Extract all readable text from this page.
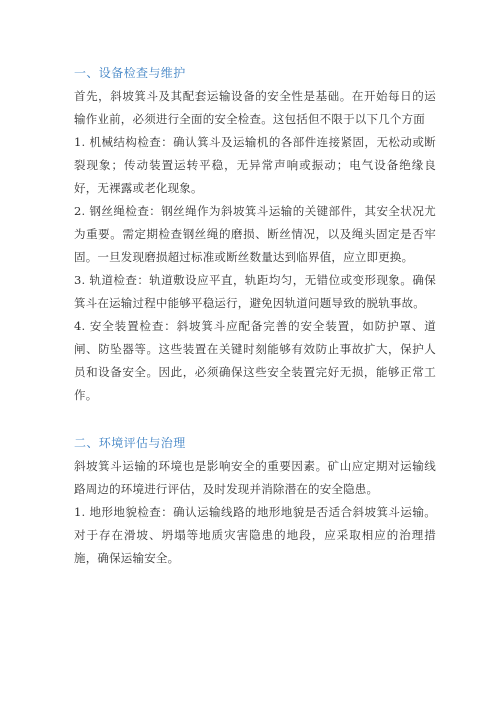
一、设备检查与维护

首先，斜坡箕斗及其配套运输设备的安全性是基础。在开始每日的运输作业前，必须进行全面的安全检查。这包括但不限于以下几个方面

1. 机械结构检查：确认箕斗及运输机的各部件连接紧固，无松动或断裂现象；传动装置运转平稳，无异常声响或振动；电气设备绝缘良好，无裸露或老化现象。

2. 钢丝绳检查：钢丝绳作为斜坡箕斗运输的关键部件，其安全状况尤为重要。需定期检查钢丝绳的磨损、断丝情况，以及绳头固定是否牢固。一旦发现磨损超过标准或断丝数量达到临界值，应立即更换。

3. 轨道检查：轨道敷设应平直，轨距均匀，无错位或变形现象。确保箕斗在运输过程中能够平稳运行，避免因轨道问题导致的脱轨事故。

4. 安全装置检查：斜坡箕斗应配备完善的安全装置，如防护罩、道闸、防坠器等。这些装置在关键时刻能够有效防止事故扩大，保护人员和设备安全。因此，必须确保这些安全装置完好无损，能够正常工作。

二、环境评估与治理

斜坡箕斗运输的环境也是影响安全的重要因素。矿山应定期对运输线路周边的环境进行评估，及时发现并消除潜在的安全隐患。

1. 地形地貌检查：确认运输线路的地形地貌是否适合斜坡箕斗运输。对于存在滑坡、坍塌等地质灾害隐患的地段，应采取相应的治理措施，确保运输安全。
